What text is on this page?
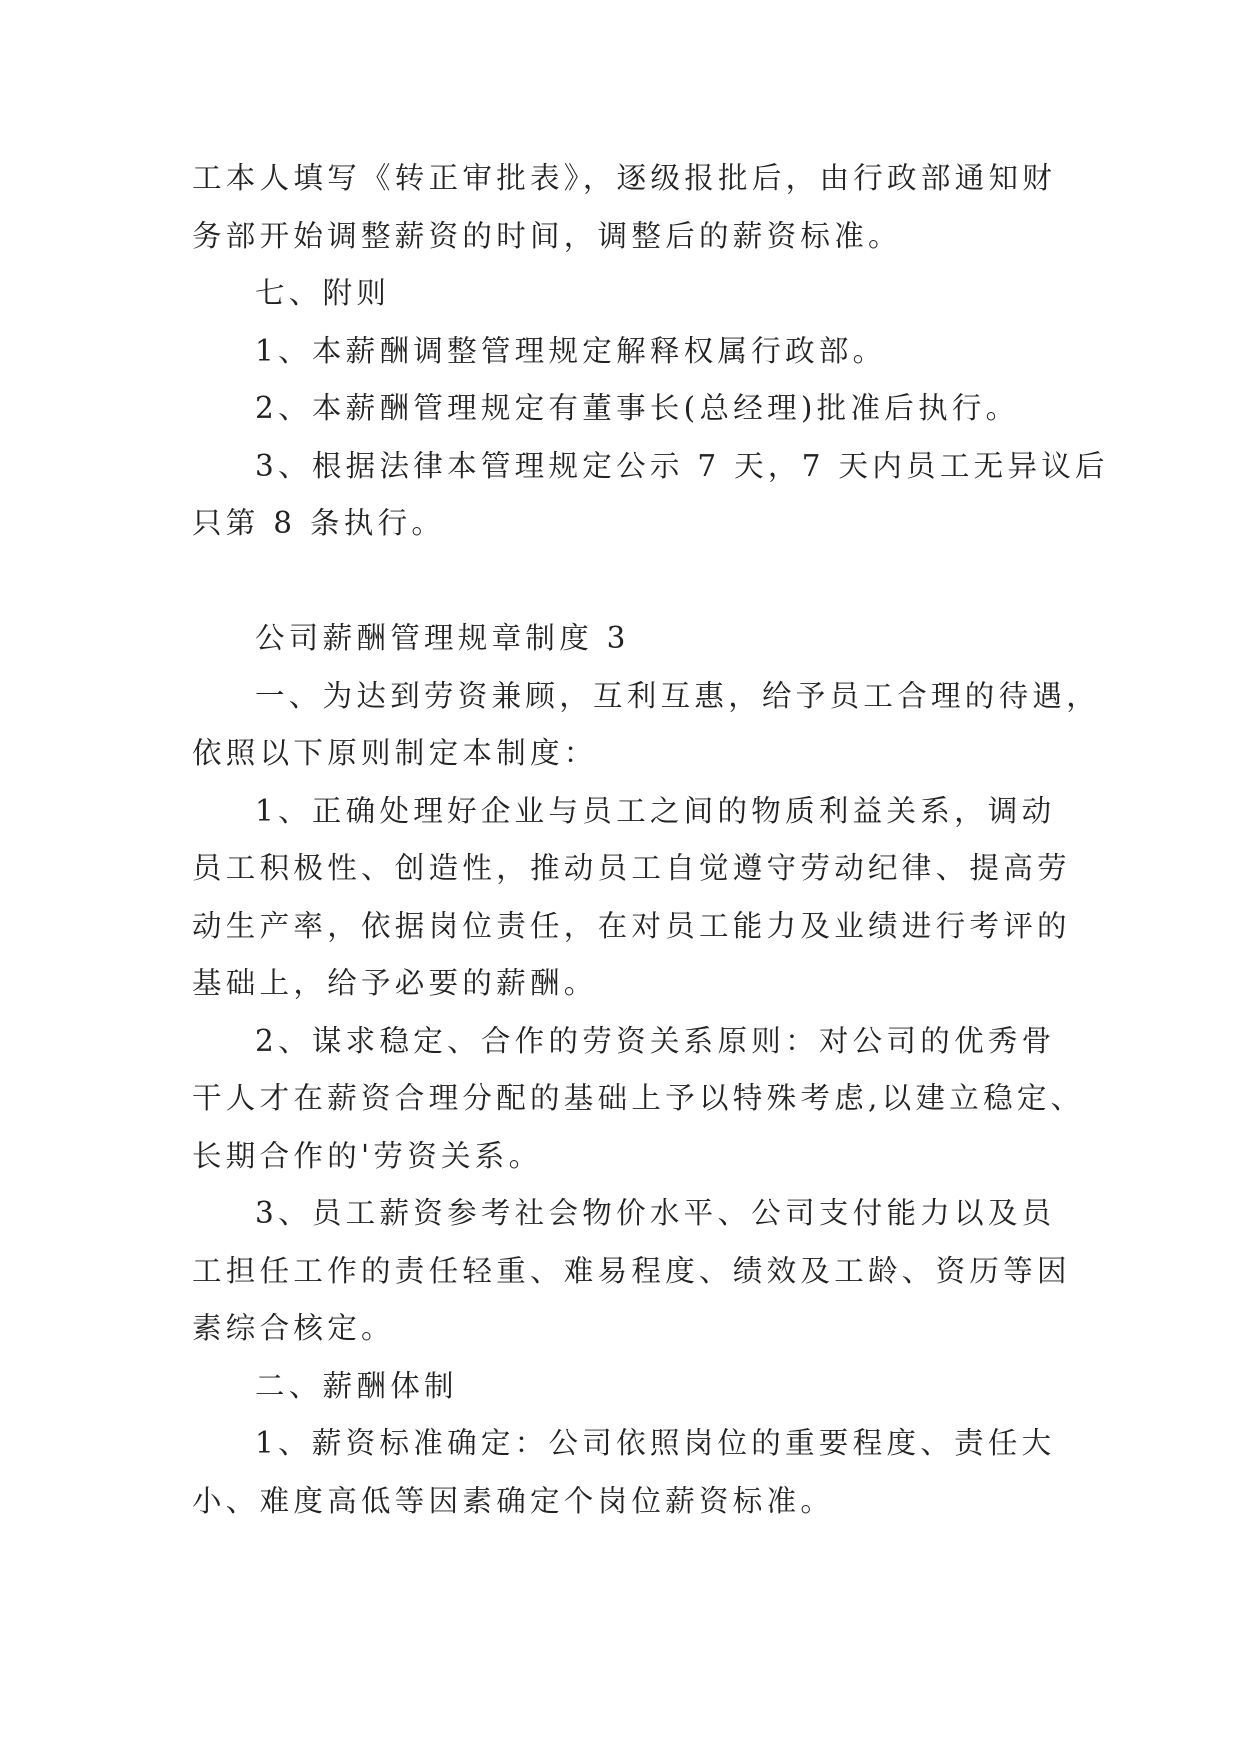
工本人填写《转正审批表》，逐级报批后，由行政部通知财
务部开始调整薪资的时间，调整后的薪资标准。
七、附则
1、本薪酬调整管理规定解释权属行政部。
2、本薪酬管理规定有董事长(总经理)批准后执行。
3、根据法律本管理规定公示 7 天，7 天内员工无异议后
只第 8 条执行。
公司薪酬管理规章制度 3
一、为达到劳资兼顾，互利互惠，给予员工合理的待遇，
依照以下原则制定本制度：
1、正确处理好企业与员工之间的物质利益关系，调动
员工积极性、创造性，推动员工自觉遵守劳动纪律、提高劳
动生产率，依据岗位责任，在对员工能力及业绩进行考评的
基础上，给予必要的薪酬。
2、谋求稳定、合作的劳资关系原则：对公司的优秀骨
干人才在薪资合理分配的基础上予以特殊考虑,以建立稳定、
长期合作的'劳资关系。
3、员工薪资参考社会物价水平、公司支付能力以及员
工担任工作的责任轻重、难易程度、绩效及工龄、资历等因
素综合核定。
二、薪酬体制
1、薪资标准确定：公司依照岗位的重要程度、责任大
小、难度高低等因素确定个岗位薪资标准。
